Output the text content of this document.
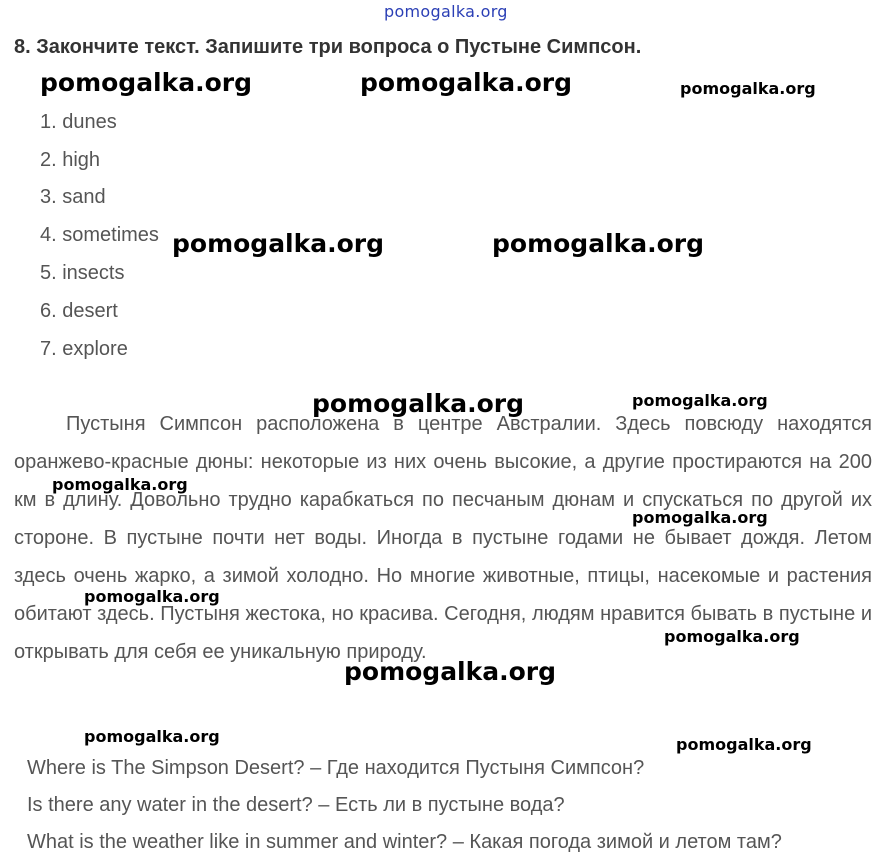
pomogalka.org
8. Закончите текст. Запишите три вопроса о Пустыне Симпсон.
1. dunes
2. high
3. sand
4. sometimes
5. insects
6. desert
7. explore
Пустыня Симпсон расположена в центре Австралии. Здесь повсюду находятся оранжево-красные дюны: некоторые из них очень высокие, а другие простираются на 200 км в длину. Довольно трудно карабкаться по песчаным дюнам и спускаться по другой их стороне. В пустыне почти нет воды. Иногда в пустыне годами не бывает дождя. Летом здесь очень жарко, а зимой холодно. Но многие животные, птицы, насекомые и растения обитают здесь. Пустыня жестока, но красива. Сегодня, людям нравится бывать в пустыне и открывать для себя ее уникальную природу.
Where is The Simpson Desert? – Где находится Пустыня Симпсон?
Is there any water in the desert? – Есть ли в пустыне вода?
What is the weather like in summer and winter? – Какая погода зимой и летом там?
pomogalka.org	pomogalka.org	pomogalka.org
pomogalka.org	pomogalka.org
pomogalka.org	pomogalka.org
pomogalka.org
pomogalka.org
pomogalka.org
pomogalka.org
pomogalka.org
pomogalka.org	pomogalka.org
